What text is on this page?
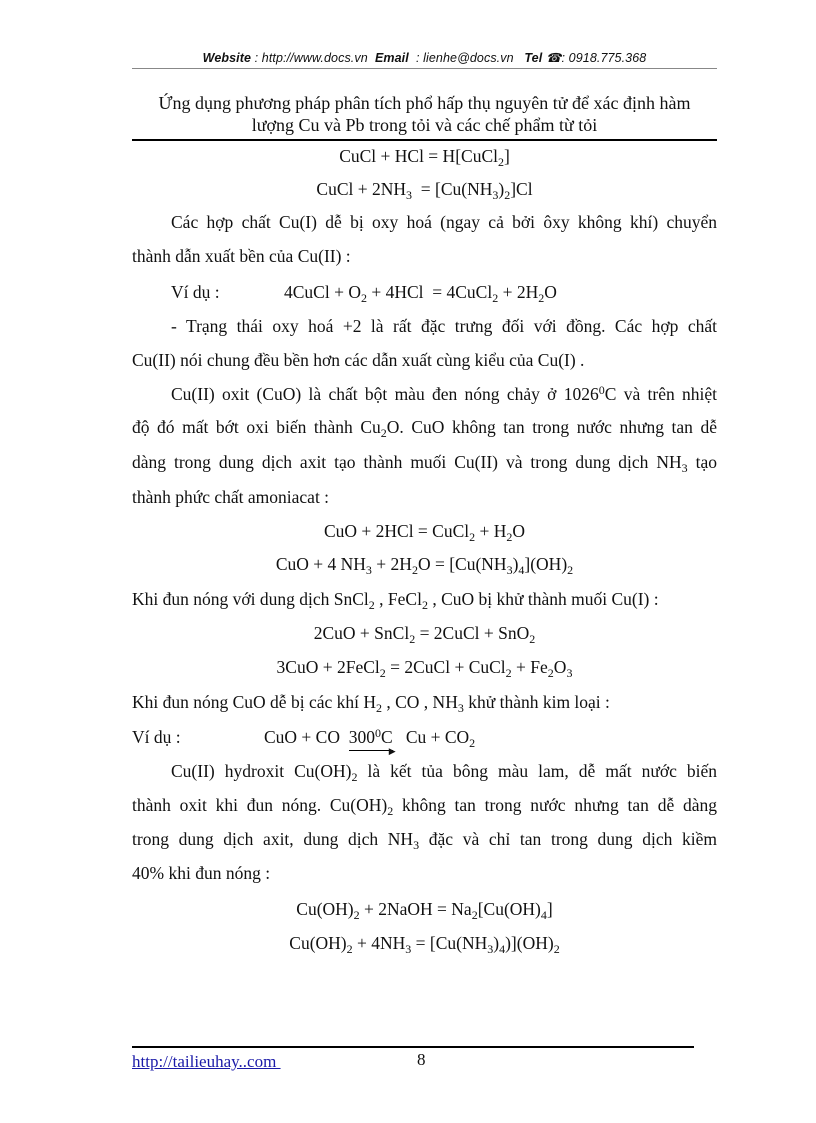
Website : http://www.docs.vn Email : lienhe@docs.vn Tel ☎: 0918.775.368
Ứng dụng phương pháp phân tích phổ hấp thụ nguyên tử để xác định hàm
lượng Cu và Pb trong tỏi và các chế phẩm từ tỏi
CuCl + HCl = H[CuCl$_2$]
CuCl + $2NH_3 = [Cu(NH_3)_2]Cl$
Các hợp chất Cu(I) dễ bị oxy hoá (ngay cả bởi ôxy không khí) chuyển
thành dẫn xuất bền của Cu(II) :
Ví dụ :	4CuCl + $O_2 + 4HCl$  = 4CuCl$_2$ + $2H_2O$
- Trạng thái oxy hoá +2 là rất đặc trưng đối với đồng. Các hợp chất
Cu(II) nói chung đều bền hơn các dẫn xuất cùng kiểu của Cu(I) .
Cu(II) oxit (CuO) là chất bột màu đen nóng chảy ở 1026$^0$C và trên nhiệt
độ đó mất bớt oxi biến thành $Cu_2O$. CuO không tan trong nước nhưng tan dễ
dàng trong dung dịch axit tạo thành muối Cu(II) và trong dung dịch $NH_3$ tạo
thành phức chất amoniacat :
CuO + 2HCl = CuCl$_2$ + $H_2O$
CuO + 4 $NH_3 + 2H_2O = [Cu(NH_3)_4](OH)_2$
Khi đun nóng với dung dịch SnCl$_2$ , FeCl$_2$ , CuO bị khử thành muối Cu(I) :
2CuO + SnCl$_2$ = 2CuCl + SnO$_2$
3CuO + 2FeCl$_2$ = 2CuCl + CuCl$_2$ + $Fe_2O_3$
Khi đun nóng CuO dễ bị các khí $H_2$ , CO , $NH_3$ khử thành kim loại :
Ví dụ :	CuO + CO $300^0C$
▶
$Cu + CO_2$
Cu(II) hydroxit $Cu(OH)_2$ là kết tủa bông màu lam, dễ mất nước biến
thành oxit khi đun nóng. $Cu(OH)_2$ không tan trong nước nhưng tan dễ dàng
trong dung dịch axit, dung dịch $NH_3$ đặc và chỉ tan trong dung dịch kiềm
40% khi đun nóng :
$Cu(OH)_2$ + 2NaOH = $Na_2[Cu(OH)_4]$
$Cu(OH)_2 + 4NH_3 = [Cu(NH_3)_4)](OH)_2$
http://tailieuhay..com	8
